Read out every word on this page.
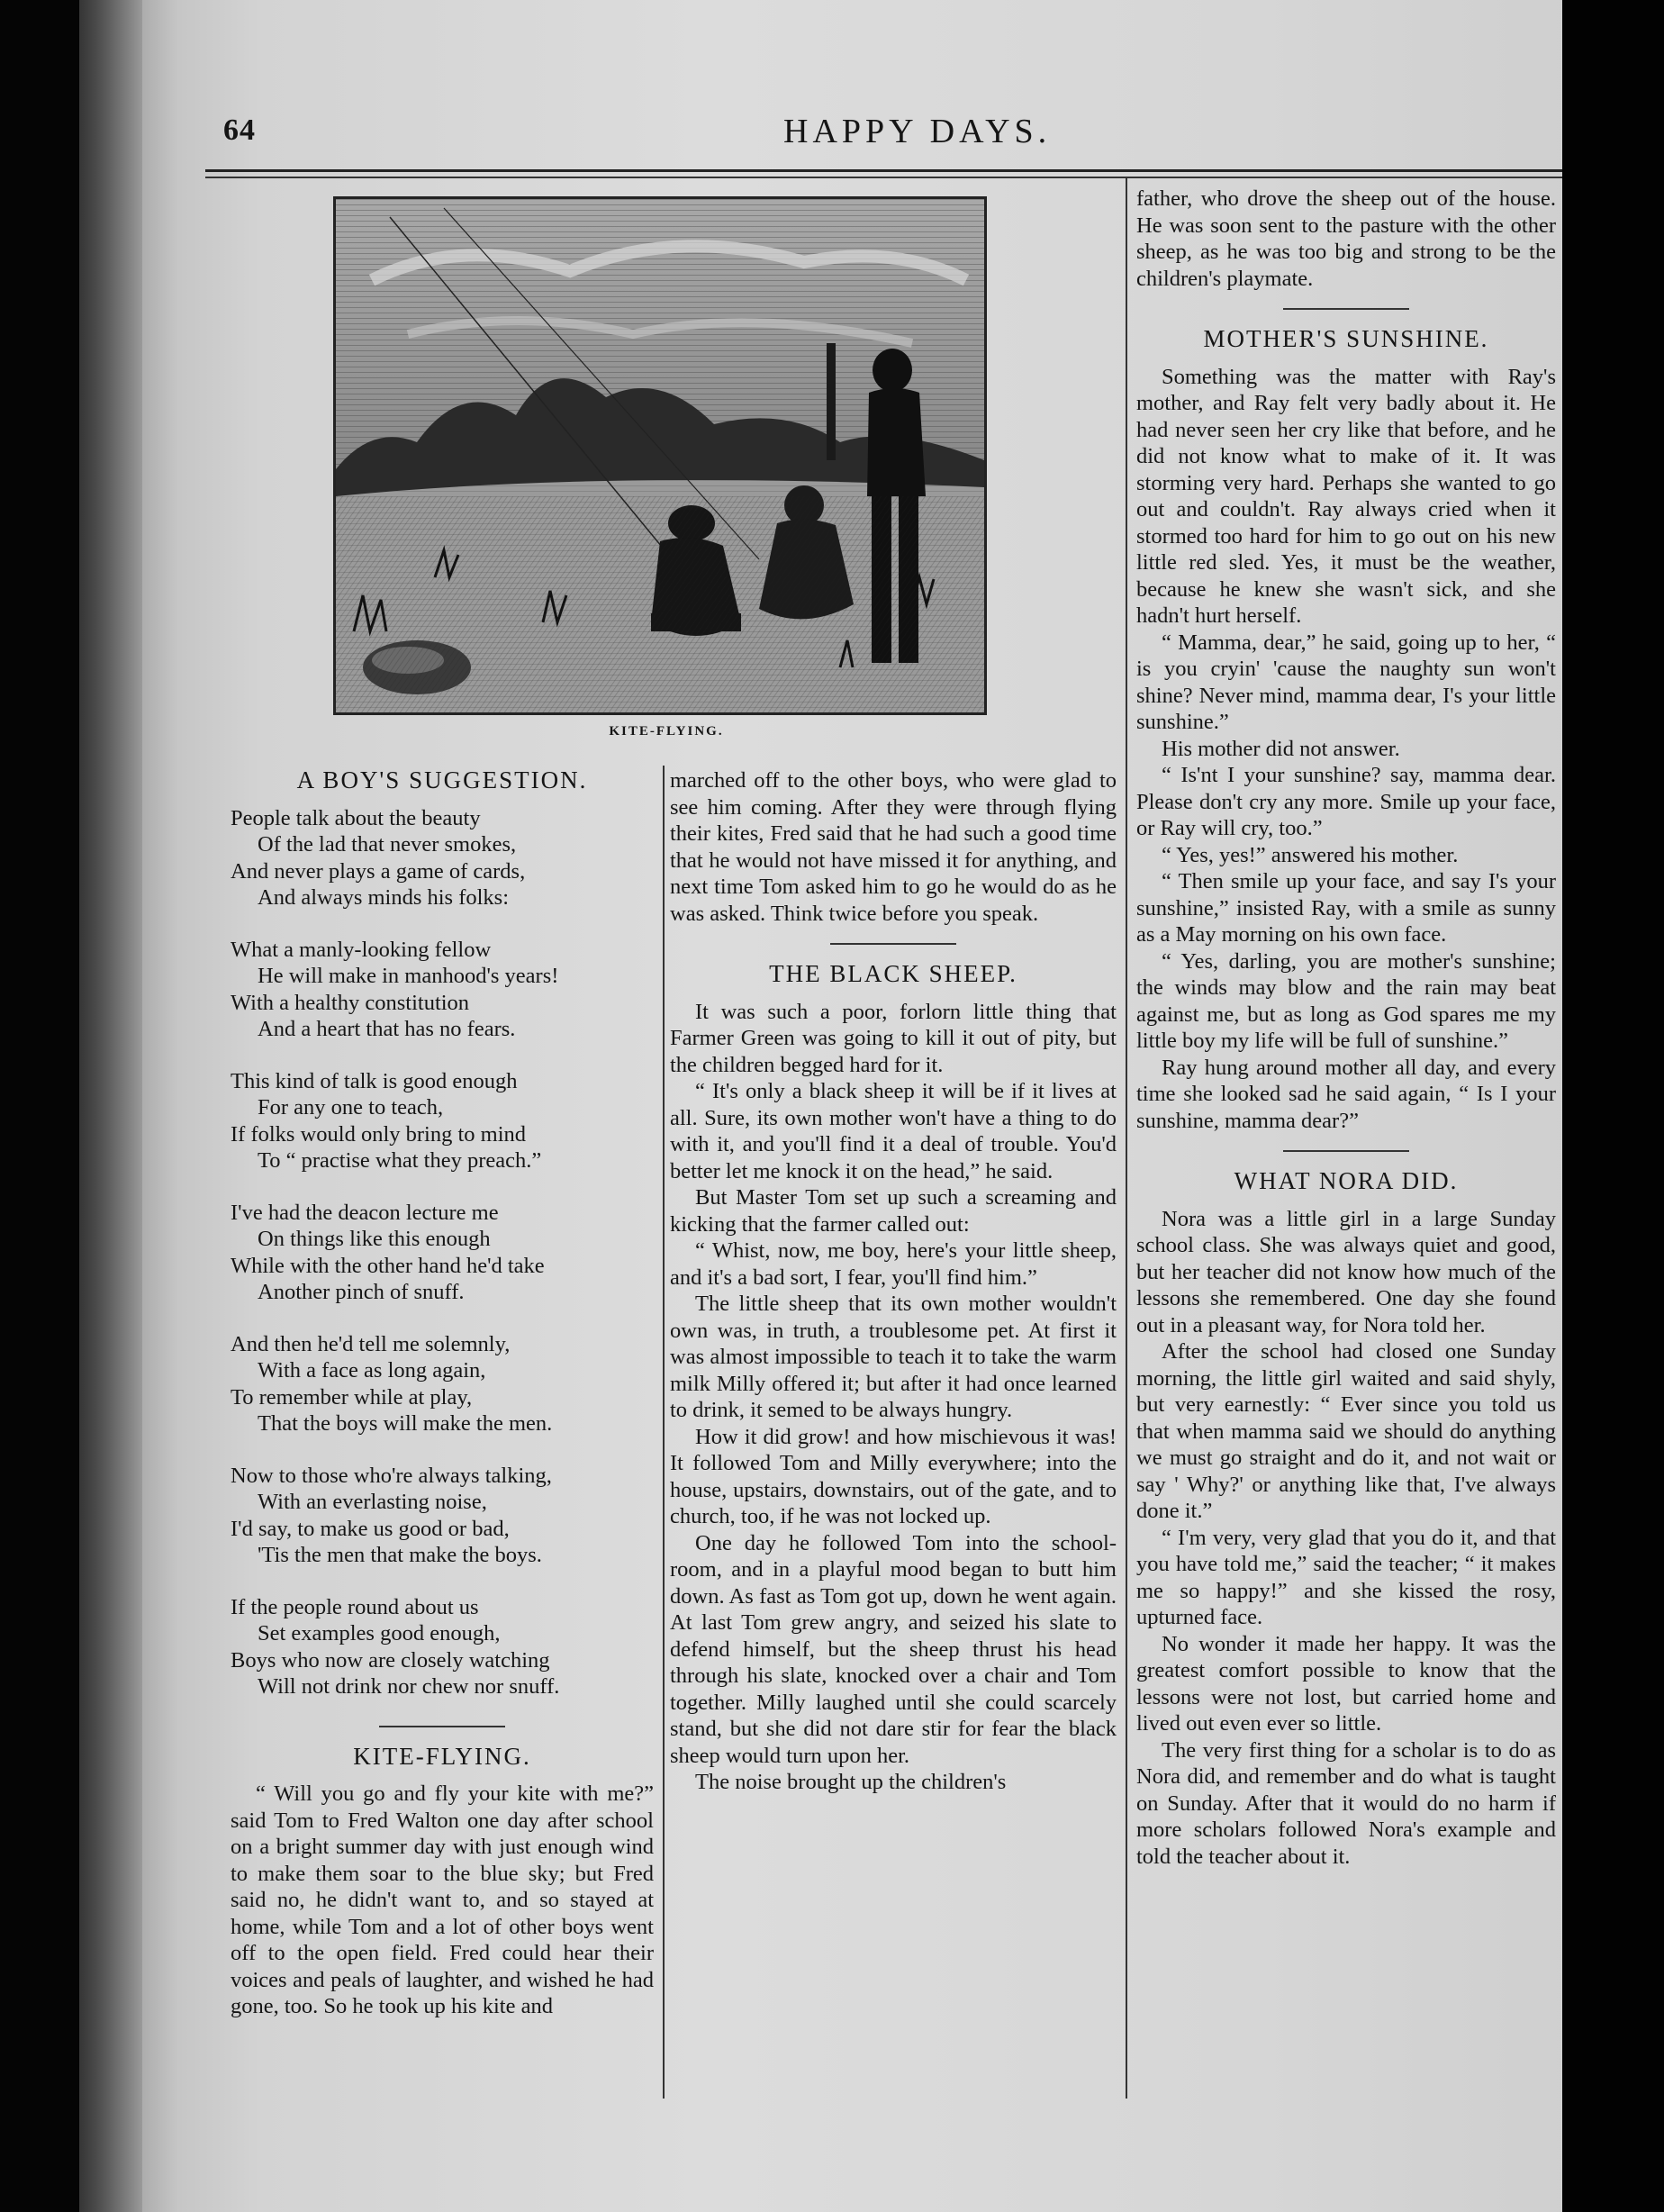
64	HAPPY DAYS.
KITE-FLYING.
A BOY'S SUGGESTION.
People talk about the beauty
Of the lad that never smokes,
And never plays a game of cards,
And always minds his folks:
What a manly-looking fellow
He will make in manhood's years!
With a healthy constitution
And a heart that has no fears.
This kind of talk is good enough
For any one to teach,
If folks would only bring to mind
To “ practise what they preach.”
I've had the deacon lecture me
On things like this enough
While with the other hand he'd take
Another pinch of snuff.
And then he'd tell me solemnly,
With a face as long again,
To remember while at play,
That the boys will make the men.
Now to those who're always talking,
With an everlasting noise,
I'd say, to make us good or bad,
'Tis the men that make the boys.
If the people round about us
Set examples good enough,
Boys who now are closely watching
Will not drink nor chew nor snuff.
KITE-FLYING.

“ Will you go and fly your kite with me?” said Tom to Fred Walton one day after school on a bright summer day with just enough wind to make them soar to the blue sky; but Fred said no, he didn't want to, and so stayed at home, while Tom and a lot of other boys went off to the open field. Fred could hear their voices and peals of laughter, and wished he had gone, too. So he took up his kite and

marched off to the other boys, who were glad to see him coming. After they were through flying their kites, Fred said that he had such a good time that he would not have missed it for anything, and next time Tom asked him to go he would do as he was asked. Think twice before you speak.

THE BLACK SHEEP.

It was such a poor, forlorn little thing that Farmer Green was going to kill it out of pity, but the children begged hard for it.

“ It's only a black sheep it will be if it lives at all. Sure, its own mother won't have a thing to do with it, and you'll find it a deal of trouble. You'd better let me knock it on the head,” he said.

But Master Tom set up such a screaming and kicking that the farmer called out:

“ Whist, now, me boy, here's your little sheep, and it's a bad sort, I fear, you'll find him.”

The little sheep that its own mother wouldn't own was, in truth, a troublesome pet. At first it was almost impossible to teach it to take the warm milk Milly offered it; but after it had once learned to drink, it semed to be always hungry.

How it did grow! and how mischievous it was! It followed Tom and Milly everywhere; into the house, upstairs, downstairs, out of the gate, and to church, too, if he was not locked up.

One day he followed Tom into the school-room, and in a playful mood began to butt him down. As fast as Tom got up, down he went again. At last Tom grew angry, and seized his slate to defend himself, but the sheep thrust his head through his slate, knocked over a chair and Tom together. Milly laughed until she could scarcely stand, but she did not dare stir for fear the black sheep would turn upon her.

The noise brought up the children's

father, who drove the sheep out of the house. He was soon sent to the pasture with the other sheep, as he was too big and strong to be the children's playmate.

MOTHER'S SUNSHINE.

Something was the matter with Ray's mother, and Ray felt very badly about it. He had never seen her cry like that before, and he did not know what to make of it. It was storming very hard. Perhaps she wanted to go out and couldn't. Ray always cried when it stormed too hard for him to go out on his new little red sled. Yes, it must be the weather, because he knew she wasn't sick, and she hadn't hurt herself.

“ Mamma, dear,” he said, going up to her, “ is you cryin' 'cause the naughty sun won't shine? Never mind, mamma dear, I's your little sunshine.”

His mother did not answer.

“ Is'nt I your sunshine? say, mamma dear. Please don't cry any more. Smile up your face, or Ray will cry, too.”

“ Yes, yes!” answered his mother.

“ Then smile up your face, and say I's your sunshine,” insisted Ray, with a smile as sunny as a May morning on his own face.

“ Yes, darling, you are mother's sunshine; the winds may blow and the rain may beat against me, but as long as God spares me my little boy my life will be full of sunshine.”

Ray hung around mother all day, and every time she looked sad he said again, “ Is I your sunshine, mamma dear?”

WHAT NORA DID.

Nora was a little girl in a large Sunday school class. She was always quiet and good, but her teacher did not know how much of the lessons she remembered. One day she found out in a pleasant way, for Nora told her.

After the school had closed one Sunday morning, the little girl waited and said shyly, but very earnestly: “ Ever since you told us that when mamma said we should do anything we must go straight and do it, and not wait or say ' Why?' or anything like that, I've always done it.”

“ I'm very, very glad that you do it, and that you have told me,” said the teacher; “ it makes me so happy!” and she kissed the rosy, upturned face.

No wonder it made her happy. It was the greatest comfort possible to know that the lessons were not lost, but carried home and lived out even ever so little.

The very first thing for a scholar is to do as Nora did, and remember and do what is taught on Sunday. After that it would do no harm if more scholars followed Nora's example and told the teacher about it.
